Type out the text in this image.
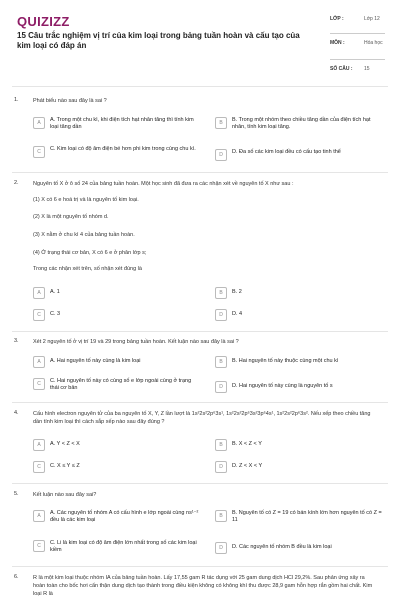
QUIZIZZ
15 Câu trắc nghiệm vị trí của kim loại trong bảng tuần hoàn và cấu tạo của kim loại có đáp án
LỚP :	Lớp 12
MÔN :	Hóa học
SỐ CÂU :	15
1.	Phát biểu nào sau đây là sai ?
A	A. Trong một chu kì, khi điện tích hạt nhân tăng thì tính kim loại tăng dần
B	B. Trong một nhóm theo chiều tăng dần của điện tích hạt nhân, tính kim loại tăng.
C	C. Kim loại có độ âm điện bé hơn phi kim trong cùng chu kì.
D	D. Đa số các kim loại đều có cấu tạo tinh thể
2.	Nguyên tố X ở ô số 24 của bảng tuần hoàn. Một học sinh đã đưa ra các nhận xét về nguyên tố X như sau :
(1) X có 6 e hoá trị và là nguyên tố kim loại.
(2) X là một nguyên tố nhóm d.
(3) X nằm ở chu kì 4 của bảng tuần hoàn.
(4) Ở trạng thái cơ bản, X có 6 e ở phân lớp s;
Trong các nhận xét trên, số nhận xét đúng là
A	A. 1	B	B. 2
C	C. 3	D	D. 4
3.	Xét 2 nguyên tố ở vị trí 19 và 29 trong bảng tuần hoàn. Kết luận nào sau đây là sai ?
A	A. Hai nguyên tố này cùng là kim loại	B	B. Hai nguyên tố này thuộc cùng một chu kì
C	C. Hai nguyên tố này có cùng số e lớp ngoài cùng ở trạng thái cơ bản	D	D. Hai nguyên tố này cùng là nguyên tố s
4.	Cấu hình electron nguyên tử của ba nguyên tố X, Y, Z lần lượt là 1s²2s²2p⁶3s¹, 1s²2s²2p⁶3s²3p⁶4s¹, 1s²2s²2p⁶3s². Nếu xếp theo chiều tăng dần tính kim loại thì cách sắp xếp nào sau đây đúng ?
A	A. Y < Z < X	B	B. X < Z < Y
C	C. X ≤ Y ≤ Z	D	D. Z < X < Y
5.	Kết luận nào sau đây sai?
A	A. Các nguyên tố nhóm A có cấu hình e lớp ngoài cùng ns¹⁻² đều là các kim loại
B	B. Nguyên tố có Z = 19 có bán kính lớn hơn nguyên tố có Z = 11
C	C. Li là kim loại có độ âm điện lớn nhất trong số các kim loại kiềm	D	D. Các nguyên tố nhóm B đều là kim loại
6.	R là một kim loại thuộc nhóm IA của bảng tuần hoàn. Lấy 17,55 gam R tác dụng với 25 gam dung dịch HCl 29,2%. Sau phản ứng xảy ra hoàn toàn cho bốc hơi cẩn thận dung dịch tạo thành trong điều kiện không có không khí thu được 28,9 gam hỗn hợp rắn gồm hai chất. Kim loại R là
